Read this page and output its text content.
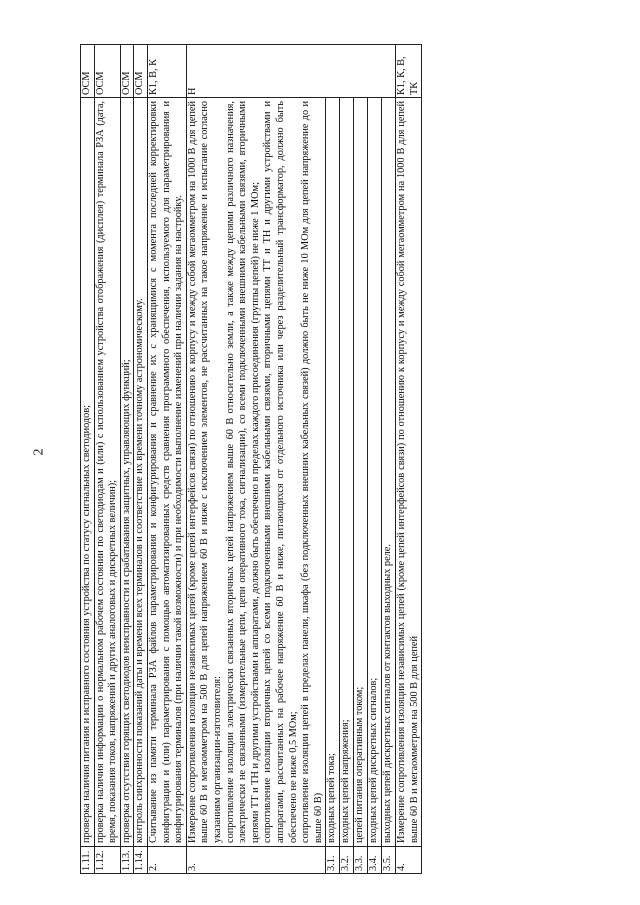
2
1.11.	проверка наличия питания и исправного состояния устройства по статусу сигнальных светодиодов;	ОСМ
1.12.	проверка наличия информации о нормальном рабочем состоянии по светодиодам и (или) с использованием устройства отображения (дисплея) терминала РЗА (дата, время, показания токов, напряжений и других аналоговых и дискретных величин);	ОСМ
1.13.	проверка отсутствия горящих светодиодов неисправности и срабатывания защитных, управляющих функций;	ОСМ
1.14.	контроль синхронности показаний даты и времени всех терминалов и соответствие их времени точному астрономическому.	ОСМ
2.	Считывание из памяти терминала РЗА файлов параметрирования и конфигурирования и сравнение их с хранящимися с момента последней корректировки конфигурации и (или) параметрирования с помощью автоматизированных средств сравнения программного обеспечения, используемого для параметрирования и конфигурирования терминалов (при наличии такой возможности) и при необходимости выполнение изменений при наличии задания на настройку.	К1, В, К
3.	Измерение сопротивления изоляции независимых цепей (кроме цепей интерфейсов связи) по отношению к корпусу и между собой мегаомметром на 1000 В для цепей выше 60 В и мегаомметром на 500 В для цепей напряжением 60 В и ниже с исключением элементов, не рассчитанных на такое напряжение и испытание согласно указаниям организации-изготовителя: сопротивление изоляции электрически связанных вторичных цепей напряжением выше 60 В относительно земли, а также между цепями различного назначения, электрически не связанными (измерительные цепи, цепи оперативного тока, сигнализации), со всеми подключенными внешними кабельными связями, вторичными цепями ТТ и ТН и другими устройствами и аппаратами, должно быть обеспечено в пределах каждого присоединения (группы цепей) не ниже 1 МОм; сопротивление изоляции вторичных цепей со всеми подключенными внешними кабельными связями, вторичными цепями ТТ и ТН и другими устройствами и аппаратами, рассчитанных на рабочее напряжение 60 В и ниже, питающихся от отдельного источника или через разделительный трансформатор, должно быть обеспечено не ниже 0,5 МОм; сопротивление изоляции цепей в пределах панели, шкафа (без подключенных внешних кабельных связей) должно быть не ниже 10 МОм для цепей напряжение до и выше 60 В)	Н

3.1.	входных цепей тока;	
3.2.	входных цепей напряжения;	
3.3.	цепей питания оперативным током;	
3.4.	входных цепей дискретных сигналов;	
3.5.	выходных цепей дискретных сигналов от контактов выходных реле.	
4.	Измерение сопротивления изоляции независимых цепей (кроме цепей интерфейсов связи) по отношению к корпусу и между собой мегаомметром на 1000 В для цепей выше 60 В и мегаомметром на 500 В для цепей	К1, К, В, ТК
